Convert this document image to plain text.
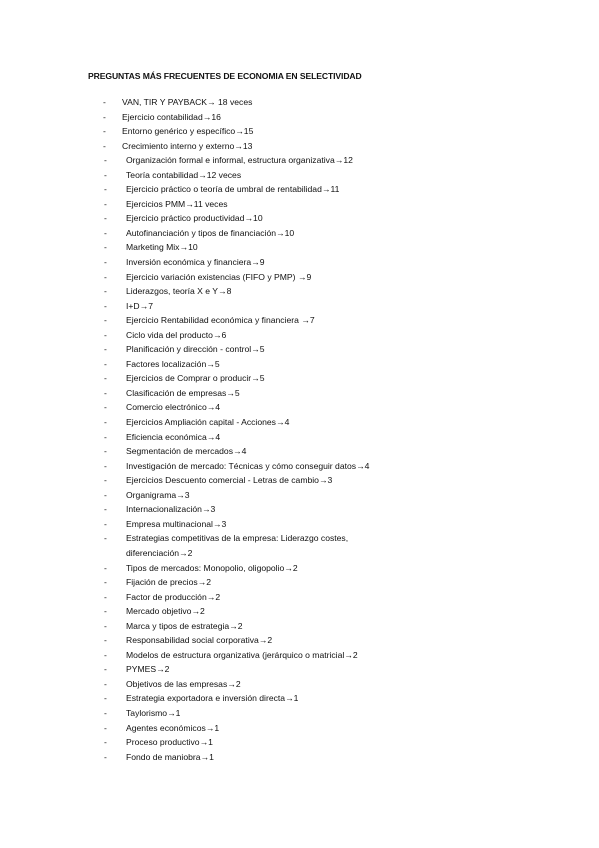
PREGUNTAS MÁS FRECUENTES DE ECONOMIA EN SELECTIVIDAD
- VAN, TIR Y PAYBACK→ 18 veces
- Ejercicio contabilidad→16
- Entorno genérico y específico→15
- Crecimiento interno y externo→13
- Organización formal e informal, estructura organizativa→12
- Teoría contabilidad→12 veces
- Ejercicio práctico o teoría de umbral de rentabilidad→11
- Ejercicios PMM→11 veces
- Ejercicio práctico productividad→10
- Autofinanciación y tipos de financiación→10
- Marketing Mix→10
- Inversión económica y financiera→9
- Ejercicio variación existencias (FIFO y PMP) →9
- Liderazgos, teoría X e Y→8
- I+D→7
- Ejercicio Rentabilidad económica y financiera →7
- Ciclo vida del producto→6
- Planificación y dirección - control→5
- Factores localización→5
- Ejercicios de Comprar o producir→5
- Clasificación de empresas→5
- Comercio electrónico→4
- Ejercicios Ampliación capital - Acciones→4
- Eficiencia económica→4
- Segmentación de mercados→4
- Investigación de mercado: Técnicas y cómo conseguir datos→4
- Ejercicios Descuento comercial - Letras de cambio→3
- Organigrama→3
- Internacionalización→3
- Empresa multinacional→3
- Estrategias competitivas de la empresa: Liderazgo costes, diferenciación→2
- Tipos de mercados: Monopolio, oligopolio→2
- Fijación de precios→2
- Factor de producción→2
- Mercado objetivo→2
- Marca y tipos de estrategia→2
- Responsabilidad social corporativa→2
- Modelos de estructura organizativa (jerárquico o matricial→2
- PYMES→2
- Objetivos de las empresas→2
- Estrategia exportadora e inversión directa→1
- Taylorismo→1
- Agentes económicos→1
- Proceso productivo→1
- Fondo de maniobra→1
